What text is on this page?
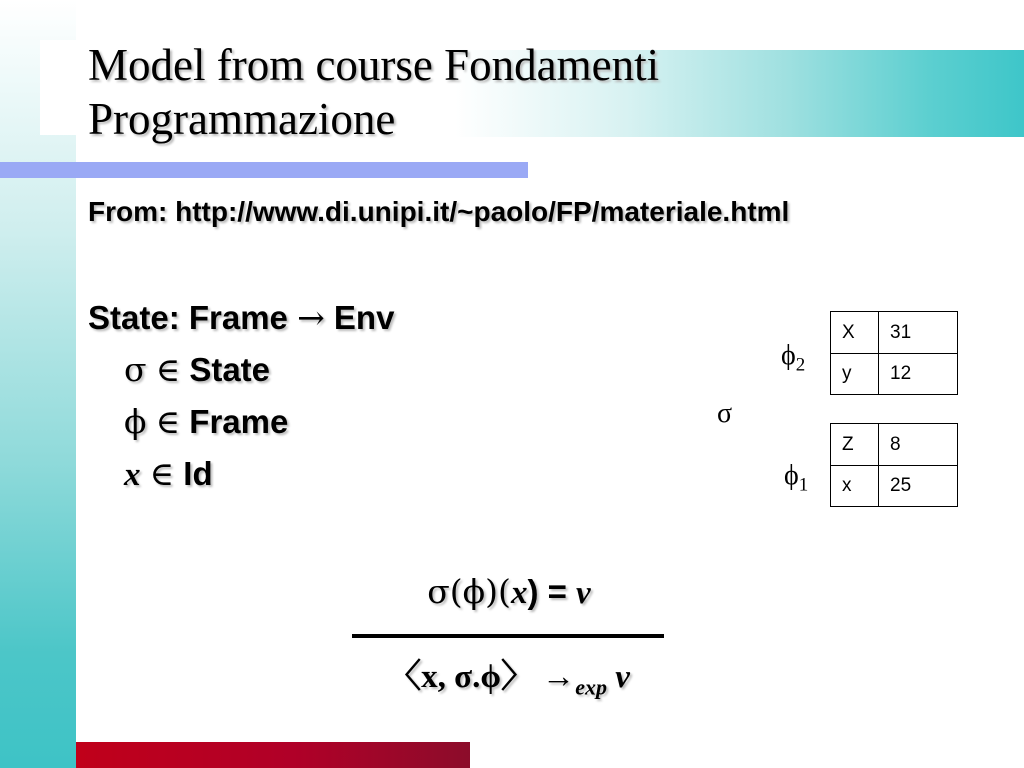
Model from course Fondamenti
Programmazione
From: http://www.di.unipi.it/~paolo/FP/materiale.html
State: Frame → Env
σ ∈ State
ϕ ∈ Frame
x ∈ Id
$\phi_2$
X	31
y	12
σ
$\phi_1$
Z	8
x	25
σ(ϕ)(x) = v
〈x, σ.ϕ〉 $\to_{exp}$ v
